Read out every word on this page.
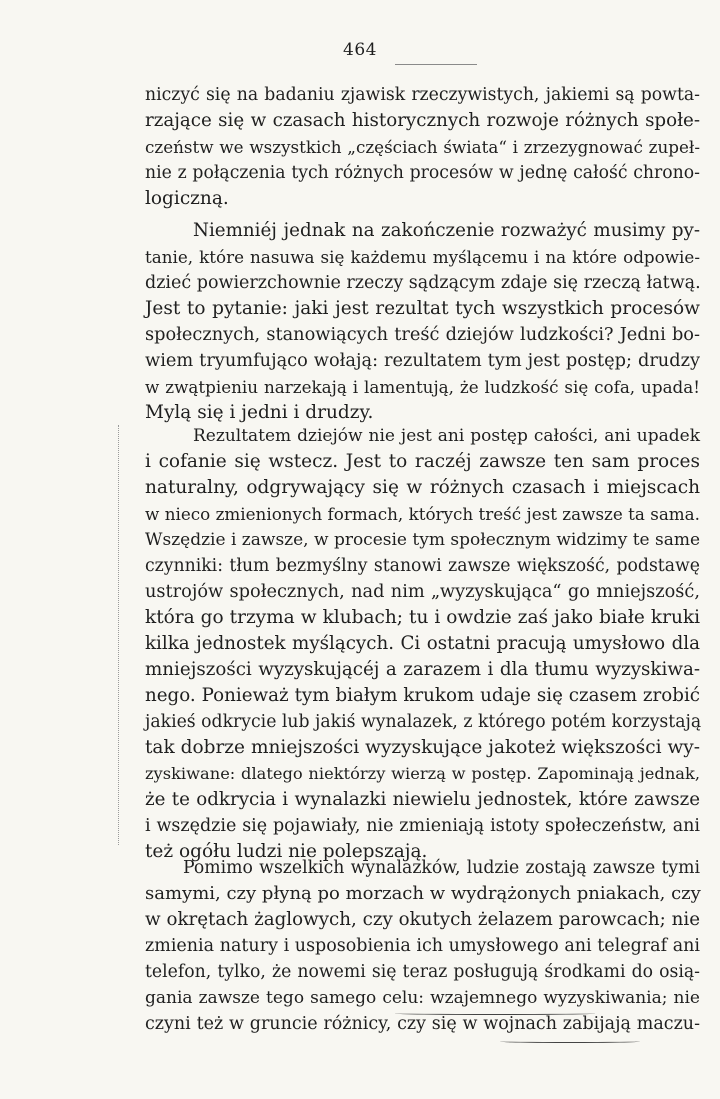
464
niczyć się na badaniu zjawisk rzeczywistych, jakiemi są powta-
rzające się w czasach historycznych rozwoje różnych społe-
czeństw we wszystkich „częściach świata“ i zrzezygnować zupeł-
nie z połączenia tych różnych procesów w jednę całość chrono-
logiczną.
Niemniéj jednak na zakończenie rozważyć musimy py-
tanie, które nasuwa się każdemu myślącemu i na które odpowie-
dzieć powierzchownie rzeczy sądzącym zdaje się rzeczą łatwą.
Jest to pytanie: jaki jest rezultat tych wszystkich procesów
społecznych, stanowiących treść dziejów ludzkości? Jedni bo-
wiem tryumfująco wołają: rezultatem tym jest postęp; drudzy
w zwątpieniu narzekają i lamentują, że ludzkość się cofa, upada!
Mylą się i jedni i drudzy.
Rezultatem dziejów nie jest ani postęp całości, ani upadek
i cofanie się wstecz. Jest to raczéj zawsze ten sam proces
naturalny, odgrywający się w różnych czasach i miejscach
w nieco zmienionych formach, których treść jest zawsze ta sama.
Wszędzie i zawsze, w procesie tym społecznym widzimy te same
czynniki: tłum bezmyślny stanowi zawsze większość, podstawę
ustrojów społecznych, nad nim „wyzyskująca“ go mniejszość,
która go trzyma w klubach; tu i owdzie zaś jako białe kruki
kilka jednostek myślących. Ci ostatni pracują umysłowo dla
mniejszości wyzyskującéj a zarazem i dla tłumu wyzyskiwa-
nego. Ponieważ tym białym krukom udaje się czasem zrobić
jakieś odkrycie lub jakiś wynalazek, z którego potém korzystają
tak dobrze mniejszości wyzyskujące jakoteż większości wy-
zyskiwane: dlatego niektórzy wierzą w postęp. Zapominają jednak,
że te odkrycia i wynalazki niewielu jednostek, które zawsze
i wszędzie się pojawiały, nie zmieniają istoty społeczeństw, ani
też ogółu ludzi nie polepszają.
Pomimo wszelkich wynalazków, ludzie zostają zawsze tymi
samymi, czy płyną po morzach w wydrążonych pniakach, czy
w okrętach żaglowych, czy okutych żelazem parowcach; nie
zmienia natury i usposobienia ich umysłowego ani telegraf ani
telefon, tylko, że nowemi się teraz posługują środkami do osią-
gania zawsze tego samego celu: wzajemnego wyzyskiwania; nie
czyni też w gruncie różnicy, czy się w wojnach zabijają maczu-
